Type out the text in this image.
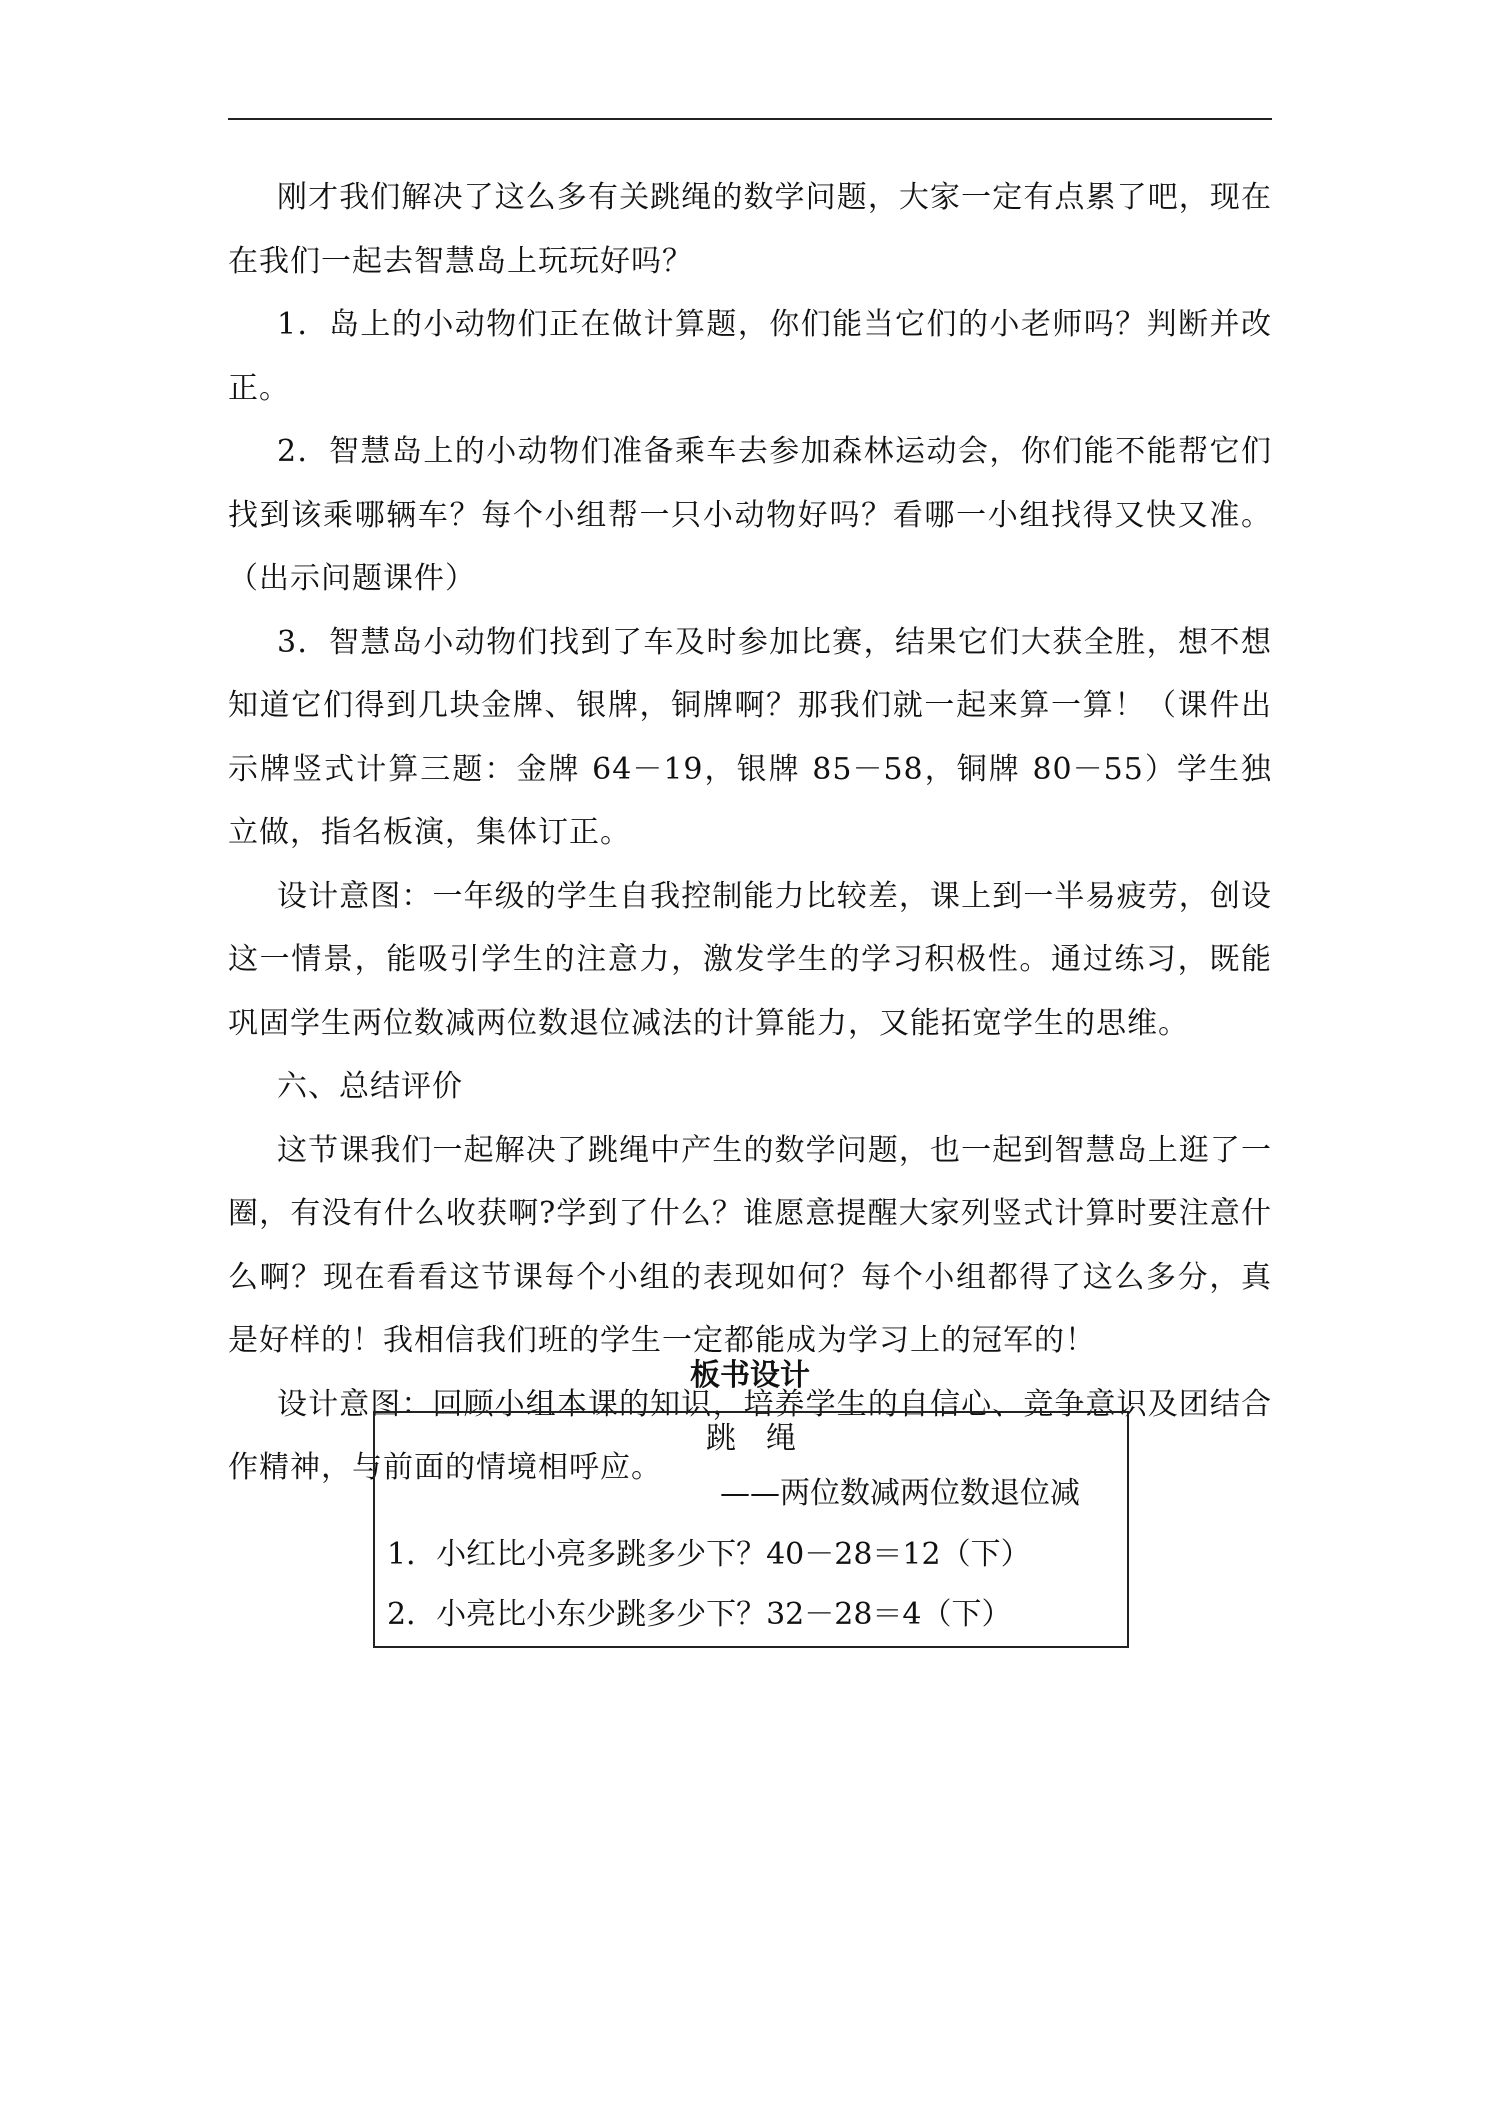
刚才我们解决了这么多有关跳绳的数学问题，大家一定有点累了吧，现在在我们一起去智慧岛上玩玩好吗？

1．岛上的小动物们正在做计算题，你们能当它们的小老师吗？判断并改正。

2．智慧岛上的小动物们准备乘车去参加森林运动会，你们能不能帮它们找到该乘哪辆车？每个小组帮一只小动物好吗？看哪一小组找得又快又准。（出示问题课件）

3．智慧岛小动物们找到了车及时参加比赛，结果它们大获全胜，想不想知道它们得到几块金牌、银牌，铜牌啊？那我们就一起来算一算！（课件出示牌竖式计算三题：金牌 64－19，银牌 85－58，铜牌 80－55）学生独立做，指名板演，集体订正。

设计意图：一年级的学生自我控制能力比较差，课上到一半易疲劳，创设这一情景，能吸引学生的注意力，激发学生的学习积极性。通过练习，既能巩固学生两位数减两位数退位减法的计算能力，又能拓宽学生的思维。

六、总结评价

这节课我们一起解决了跳绳中产生的数学问题，也一起到智慧岛上逛了一圈，有没有什么收获啊?学到了什么？谁愿意提醒大家列竖式计算时要注意什么啊？现在看看这节课每个小组的表现如何？每个小组都得了这么多分，真是好样的！我相信我们班的学生一定都能成为学习上的冠军的！

设计意图：回顾小组本课的知识，培养学生的自信心、竞争意识及团结合作精神，与前面的情境相呼应。

板书设计
跳　绳
——两位数减两位数退位减
1．小红比小亮多跳多少下？40－28＝12（下）
2．小亮比小东少跳多少下？32－28＝4（下）
